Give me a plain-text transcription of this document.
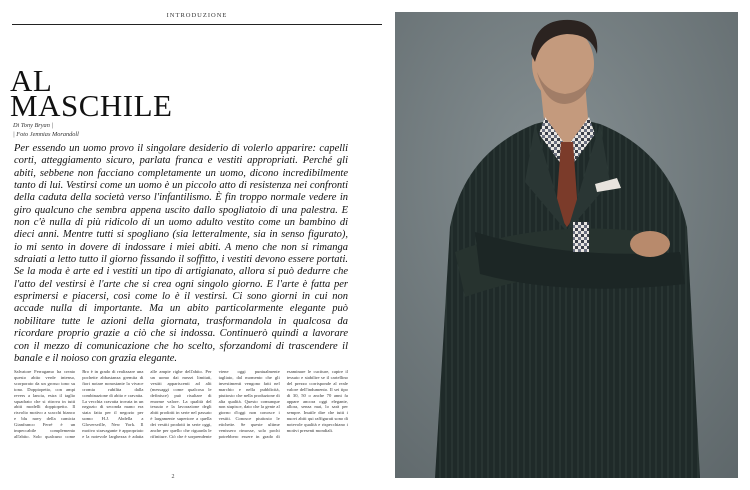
INTRODUZIONE
AL
MASCHILE
Di Tony Bryan |
| Foto Jemnias Morandoll

Per essendo un uomo provo il singolare desiderio di volerlo apparire: capelli corti, atteggiamento sicuro, parlata franca e vestiti appropriati. Perché gli abiti, sebbene non facciano completamente un uomo, dicono incredibilmente tanto di lui. Vestirsi come un uomo è un piccolo atto di resistenza nei confronti della caduta della società verso l'infantilismo. È fin troppo normale vedere in giro qualcuno che sembra appena uscito dallo spogliatoio di una palestra. E non c'è nulla di più ridicolo di un uomo adulto vestito come un bambino di dieci anni. Mentre tutti si spogliano (sia letteralmente, sia in senso figurato), io mi sento in dovere di indossare i miei abiti. A meno che non si rimanga sdraiati a letto tutto il giorno fissando il soffitto, i vestiti devono essere portati. Se la moda è arte ed i vestiti un tipo di artigianato, allora si può dedurre che l'atto del vestirsi è l'arte che si crea ogni singolo giorno. E l'arte è fatta per esprimersi e piacersi, così come lo è il vestirsi. Ci sono giorni in cui non accade nulla di importante. Ma un abito particolarmente elegante può nobilitare tutte le azioni della giornata, trasformandola in qualcosa da ricordare proprio grazie a ciò che si indossa. Continuerò quindi a lavorare con il mezzo di comunicazione che ho scelto, sforzandomi di trascendere il banale e il noioso con grazia elegante.

Salvatore Ferragamo ha creato questo abito verde intenso, scorporato da un grosso tono su tono. Doppiopetto, con ampi revers a lancia, estra il taglio squadrato che si ritrova in tutti abiti modelli doppiopetto. Il risvolto motivo a scacchi bianco e blu navy della camicia Gianfranco Ferré è un impeccabile complemento all'abito. Solo qualcuno come Bro è in grado di realizzare una pochette abbastanza gremita di fiori notare nonostante la vivace cromia rubilita dalla combinazione di abito e cravatta. La vecchia cravatta trovata in un negozio di seconda mano era stata fatta per il negozio per uomo H.J. Abdella a Gloversville, New York. Il motivo stravagante è appropriato e la notevole larghezza è adatta alle ampie righe dell'abito. Per un uomo dai mezzi limitati, vestiti appariscenti ad alti (messaggi come qualcosa le definisce) può risultare di enorme valore. La qualità del tessuto e la lavorazione degli abiti prodotti in serie nel passato è largamente superiore a quella dei vestiti prodotti in serie oggi, anche per quello che riguarda le rifiniture. Ciò che è sorprendente viene oggi puntualmente tagliato, dal momento che gli investimenti vengono fatti nel marchio e nella pubblicità, piuttosto che nella produzione di alta qualità. Questo comunque non stupisce, dato che la gente al giorno d'oggi non conosce i vestiti. Conosce piuttosto le etichette. Se queste ultime venissero rimosse, solo pochi potrebbero essere in grado di esaminare le cuciture, capire il tessuto e stabilire se il cartellino del prezzo corrisponde al reale valore dell'indumento. Il sei tipo di 30, 50 o anche 70 anni fa appare ancora oggi elegante, allora, senza mai, lo sarà per sempre. Inutile dire che tutti i nuovi abiti qui raffigurati sono di notevole qualità e rispecchiano i motivi presenti mondiali.

2
